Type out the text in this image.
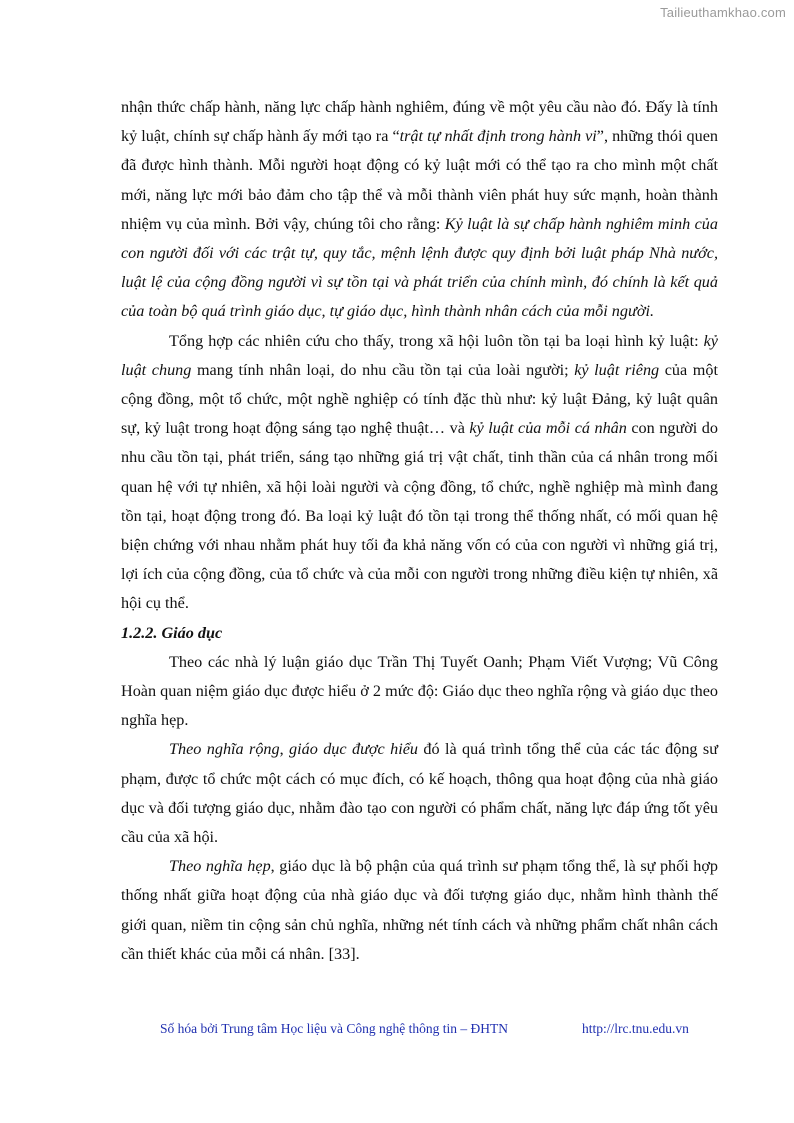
Tailieuthamkhao.com

nhận thức chấp hành, năng lực chấp hành nghiêm, đúng về một yêu cầu nào đó. Đấy là tính kỷ luật, chính sự chấp hành ấy mới tạo ra “trật tự nhất định trong hành vi”, những thói quen đã được hình thành. Mỗi người hoạt động có kỷ luật mới có thể tạo ra cho mình một chất mới, năng lực mới bảo đảm cho tập thể và mỗi thành viên phát huy sức mạnh, hoàn thành nhiệm vụ của mình. Bởi vậy, chúng tôi cho rằng: Kỷ luật là sự chấp hành nghiêm minh của con người đối với các trật tự, quy tắc, mệnh lệnh được quy định bởi luật pháp Nhà nước, luật lệ của cộng đồng người vì sự tồn tại và phát triển của chính mình, đó chính là kết quả của toàn bộ quá trình giáo dục, tự giáo dục, hình thành nhân cách của mỗi người.

Tổng hợp các nhiên cứu cho thấy, trong xã hội luôn tồn tại ba loại hình kỷ luật: kỷ luật chung mang tính nhân loại, do nhu cầu tồn tại của loài người; kỷ luật riêng của một cộng đồng, một tổ chức, một nghề nghiệp có tính đặc thù như: kỷ luật Đảng, kỷ luật quân sự, kỷ luật trong hoạt động sáng tạo nghệ thuật… và kỷ luật của mỗi cá nhân con người do nhu cầu tồn tại, phát triển, sáng tạo những giá trị vật chất, tinh thần của cá nhân trong mối quan hệ với tự nhiên, xã hội loài người và cộng đồng, tổ chức, nghề nghiệp mà mình đang tồn tại, hoạt động trong đó. Ba loại kỷ luật đó tồn tại trong thể thống nhất, có mối quan hệ biện chứng với nhau nhằm phát huy tối đa khả năng vốn có của con người vì những giá trị, lợi ích của cộng đồng, của tổ chức và của mỗi con người trong những điều kiện tự nhiên, xã hội cụ thể.

1.2.2. Giáo dục

Theo các nhà lý luận giáo dục Trần Thị Tuyết Oanh; Phạm Viết Vượng; Vũ Công Hoàn quan niệm giáo dục được hiểu ở 2 mức độ: Giáo dục theo nghĩa rộng và giáo dục theo nghĩa hẹp.

Theo nghĩa rộng, giáo dục được hiểu đó là quá trình tổng thể của các tác động sư phạm, được tổ chức một cách có mục đích, có kế hoạch, thông qua hoạt động của nhà giáo dục và đối tượng giáo dục, nhằm đào tạo con người có phẩm chất, năng lực đáp ứng tốt yêu cầu của xã hội.

Theo nghĩa hẹp, giáo dục là bộ phận của quá trình sư phạm tổng thể, là sự phối hợp thống nhất giữa hoạt động của nhà giáo dục và đối tượng giáo dục, nhằm hình thành thế giới quan, niềm tin cộng sản chủ nghĩa, những nét tính cách và những phẩm chất nhân cách cần thiết khác của mỗi cá nhân. [33].

Số hóa bởi Trung tâm Học liệu và Công nghệ thông tin – ĐHTN	http://lrc.tnu.edu.vn
